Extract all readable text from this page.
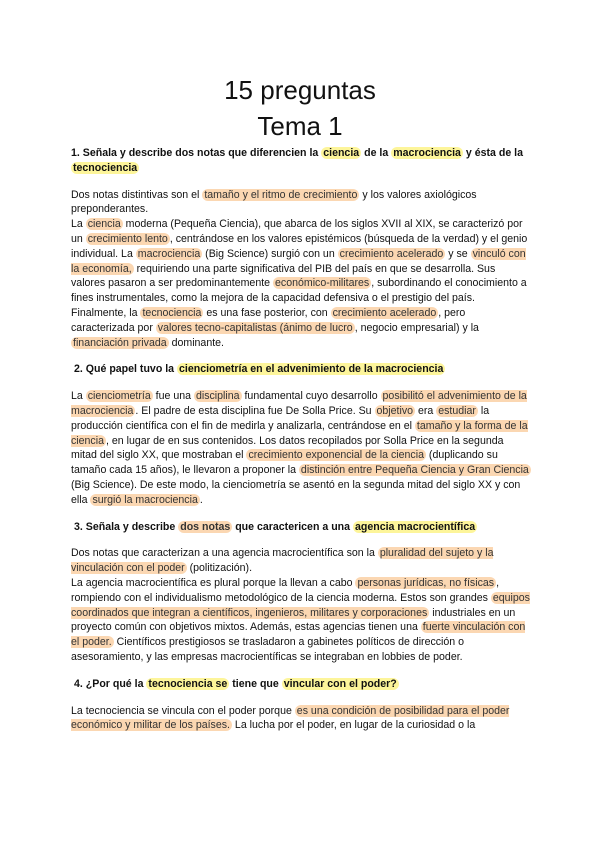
15 preguntas
Tema 1
1. Señala y describe dos notas que diferencien la ciencia de la macrociencia y ésta de la tecnociencia
Dos notas distintivas son el tamaño y el ritmo de crecimiento y los valores axiológicos preponderantes.
La ciencia moderna (Pequeña Ciencia), que abarca de los siglos XVII al XIX, se caracterizó por un crecimiento lento , centrándose en los valores epistémicos (búsqueda de la verdad) y el genio individual. La macrociencia (Big Science) surgió con un crecimiento acelerado y se vinculó con la economía, requiriendo una parte significativa del PIB del país en que se desarrolla. Sus valores pasaron a ser predominantemente económico-militares , subordinando el conocimiento a fines instrumentales, como la mejora de la capacidad defensiva o el prestigio del país. Finalmente, la tecnociencia es una fase posterior, con crecimiento acelerado , pero caracterizada por valores tecno-capitalistas (ánimo de lucro , negocio empresarial) y la financiación privada dominante.
2. Qué papel tuvo la cienciometría en el advenimiento de la macrociencia
La cienciometría fue una disciplina fundamental cuyo desarrollo posibilitó el advenimiento de la macrociencia . El padre de esta disciplina fue De Solla Price. Su objetivo era estudiar la producción científica con el fin de medirla y analizarla, centrándose en el tamaño y la forma de la ciencia , en lugar de en sus contenidos. Los datos recopilados por Solla Price en la segunda mitad del siglo XX, que mostraban el crecimiento exponencial de la ciencia (duplicando su tamaño cada 15 años), le llevaron a proponer la distinción entre Pequeña Ciencia y Gran Ciencia (Big Science). De este modo, la cienciometría se asentó en la segunda mitad del siglo XX y con ella surgió la macrociencia .
3. Señala y describe dos notas que caractericen a una agencia macrocientífica
Dos notas que caracterizan a una agencia macrocientífica son la pluralidad del sujeto y la vinculación con el poder (politización).
La agencia macrocientífica es plural porque la llevan a cabo personas jurídicas, no físicas , rompiendo con el individualismo metodológico de la ciencia moderna. Estos son grandes equipos coordinados que integran a científicos, ingenieros, militares y corporaciones industriales en un proyecto común con objetivos mixtos. Además, estas agencias tienen una fuerte vinculación con el poder. Científicos prestigiosos se trasladaron a gabinetes políticos de dirección o asesoramiento, y las empresas macrocientíficas se integraban en lobbies de poder.
4. ¿Por qué la tecnociencia se tiene que vincular con el poder?
La tecnociencia se vincula con el poder porque es una condición de posibilidad para el poder económico y militar de los países. La lucha por el poder, en lugar de la curiosidad o la
